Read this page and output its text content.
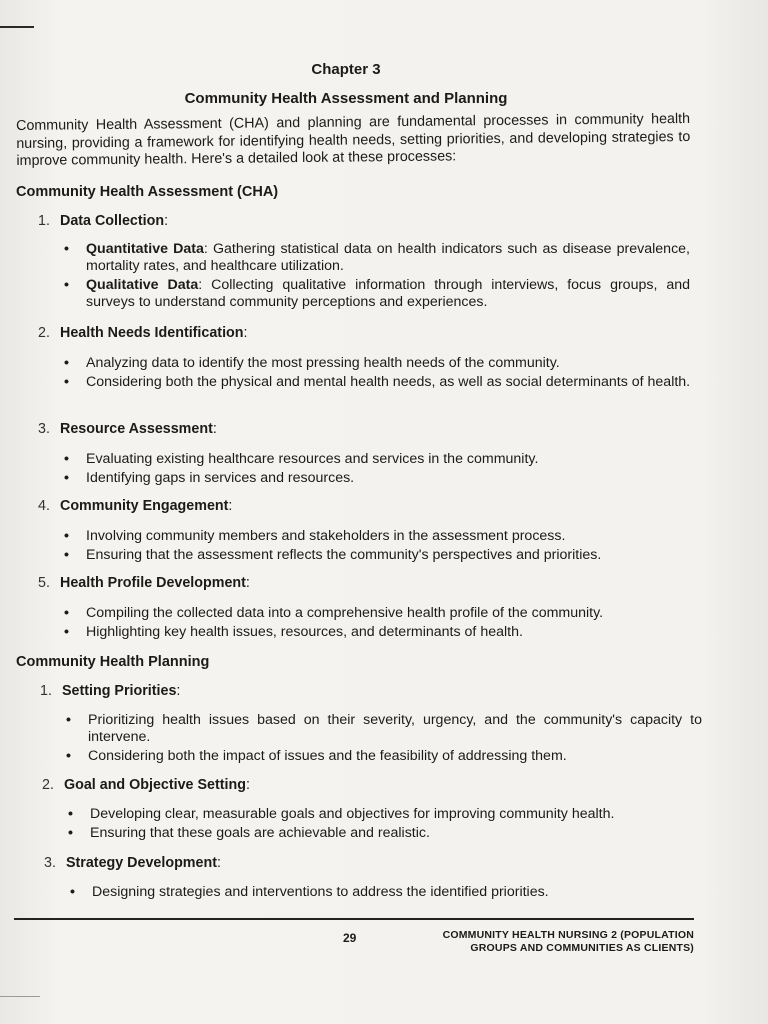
Chapter 3
Community Health Assessment and Planning
Community Health Assessment (CHA) and planning are fundamental processes in community health nursing, providing a framework for identifying health needs, setting priorities, and developing strategies to improve community health. Here's a detailed look at these processes:
Community Health Assessment (CHA)
1. Data Collection:
• Quantitative Data: Gathering statistical data on health indicators such as disease prevalence, mortality rates, and healthcare utilization.
• Qualitative Data: Collecting qualitative information through interviews, focus groups, and surveys to understand community perceptions and experiences.
2. Health Needs Identification:
• Analyzing data to identify the most pressing health needs of the community.
• Considering both the physical and mental health needs, as well as social determinants of health.
3. Resource Assessment:
• Evaluating existing healthcare resources and services in the community.
• Identifying gaps in services and resources.
4. Community Engagement:
• Involving community members and stakeholders in the assessment process.
• Ensuring that the assessment reflects the community's perspectives and priorities.
5. Health Profile Development:
• Compiling the collected data into a comprehensive health profile of the community.
• Highlighting key health issues, resources, and determinants of health.
Community Health Planning
1. Setting Priorities:
• Prioritizing health issues based on their severity, urgency, and the community's capacity to intervene.
• Considering both the impact of issues and the feasibility of addressing them.
2. Goal and Objective Setting:
• Developing clear, measurable goals and objectives for improving community health.
• Ensuring that these goals are achievable and realistic.
3. Strategy Development:
• Designing strategies and interventions to address the identified priorities.
29	COMMUNITY HEALTH NURSING 2 (POPULATION
GROUPS AND COMMUNITIES AS CLIENTS)
